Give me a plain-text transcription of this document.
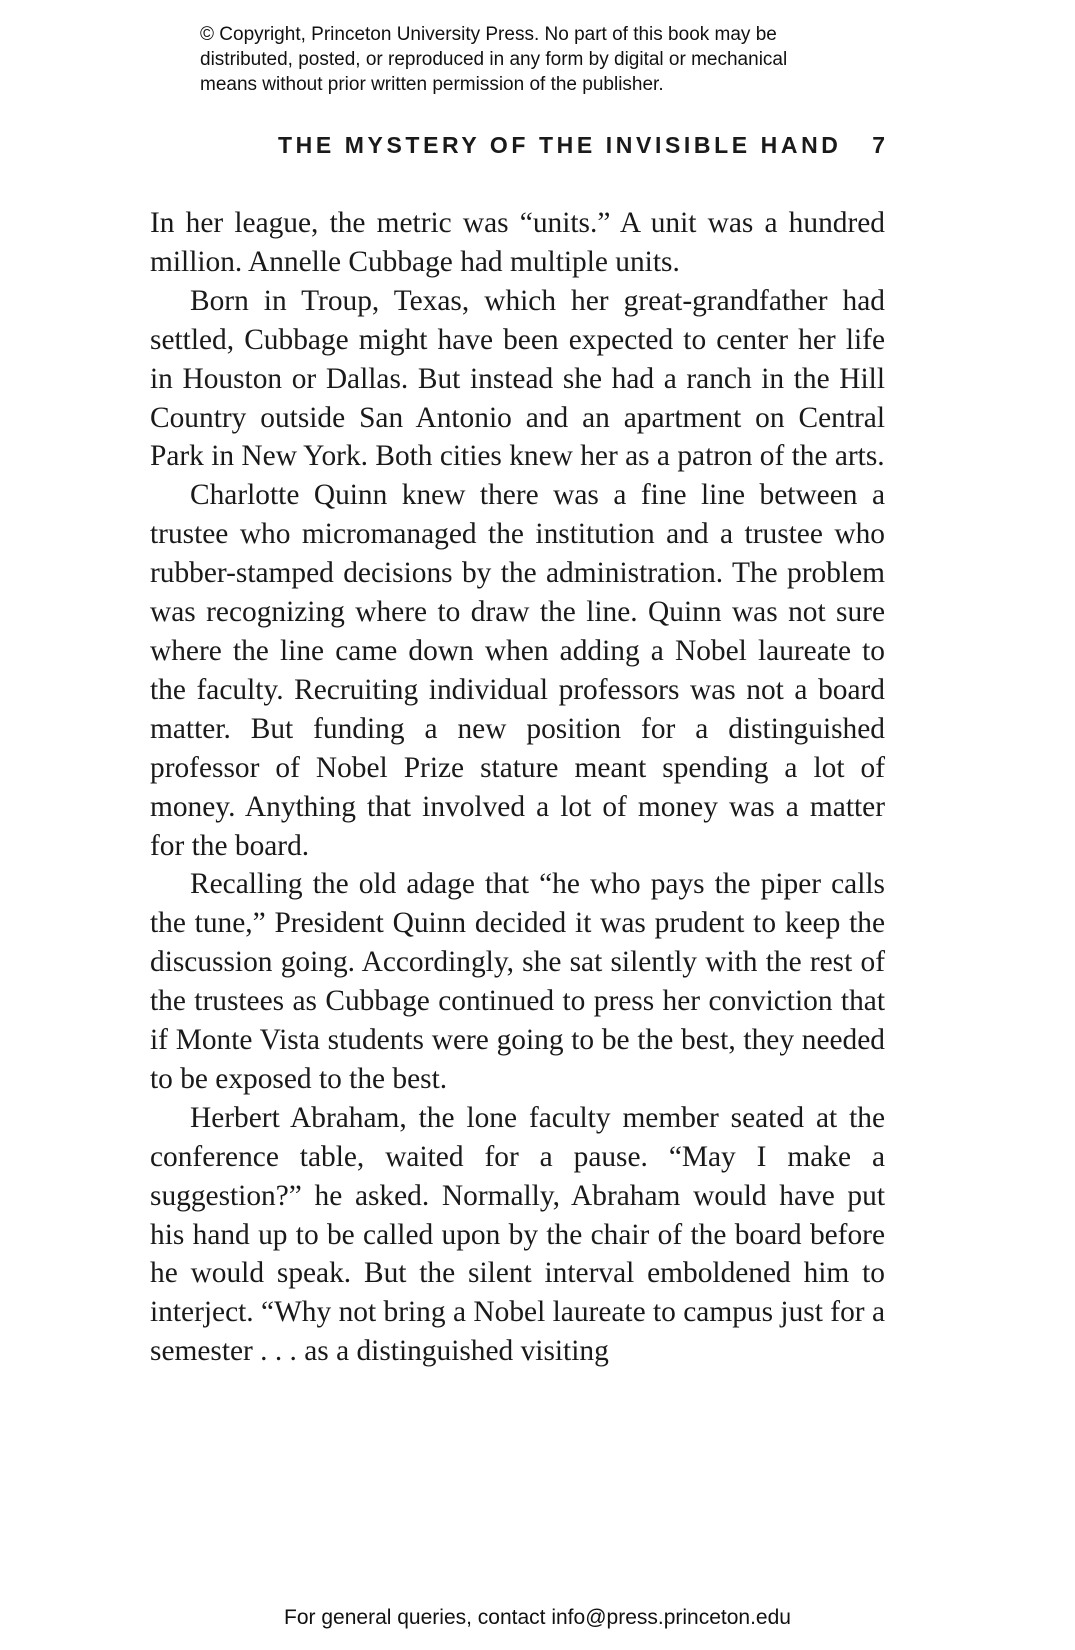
© Copyright, Princeton University Press. No part of this book may be
distributed, posted, or reproduced in any form by digital or mechanical
means without prior written permission of the publisher.
THE MYSTERY OF THE INVISIBLE HAND 7

In her league, the metric was “units.” A unit was a hundred million. Annelle Cubbage had multiple units.

Born in Troup, Texas, which her great-grandfather had settled, Cubbage might have been expected to center her life in Houston or Dallas. But instead she had a ranch in the Hill Country outside San Antonio and an apartment on Central Park in New York. Both cities knew her as a patron of the arts.

Charlotte Quinn knew there was a fine line between a trustee who micromanaged the institution and a trustee who rubber-stamped decisions by the administration. The problem was recognizing where to draw the line. Quinn was not sure where the line came down when adding a Nobel laureate to the faculty. Recruiting individual professors was not a board matter. But funding a new position for a distinguished professor of Nobel Prize stature meant spending a lot of money. Anything that involved a lot of money was a matter for the board.

Recalling the old adage that “he who pays the piper calls the tune,” President Quinn decided it was prudent to keep the discussion going. Accordingly, she sat silently with the rest of the trustees as Cubbage continued to press her conviction that if Monte Vista students were going to be the best, they needed to be exposed to the best.

Herbert Abraham, the lone faculty member seated at the conference table, waited for a pause. “May I make a suggestion?” he asked. Normally, Abraham would have put his hand up to be called upon by the chair of the board before he would speak. But the silent interval emboldened him to interject. “Why not bring a Nobel laureate to campus just for a semester . . . as a distinguished visiting

For general queries, contact info@press.princeton.edu
